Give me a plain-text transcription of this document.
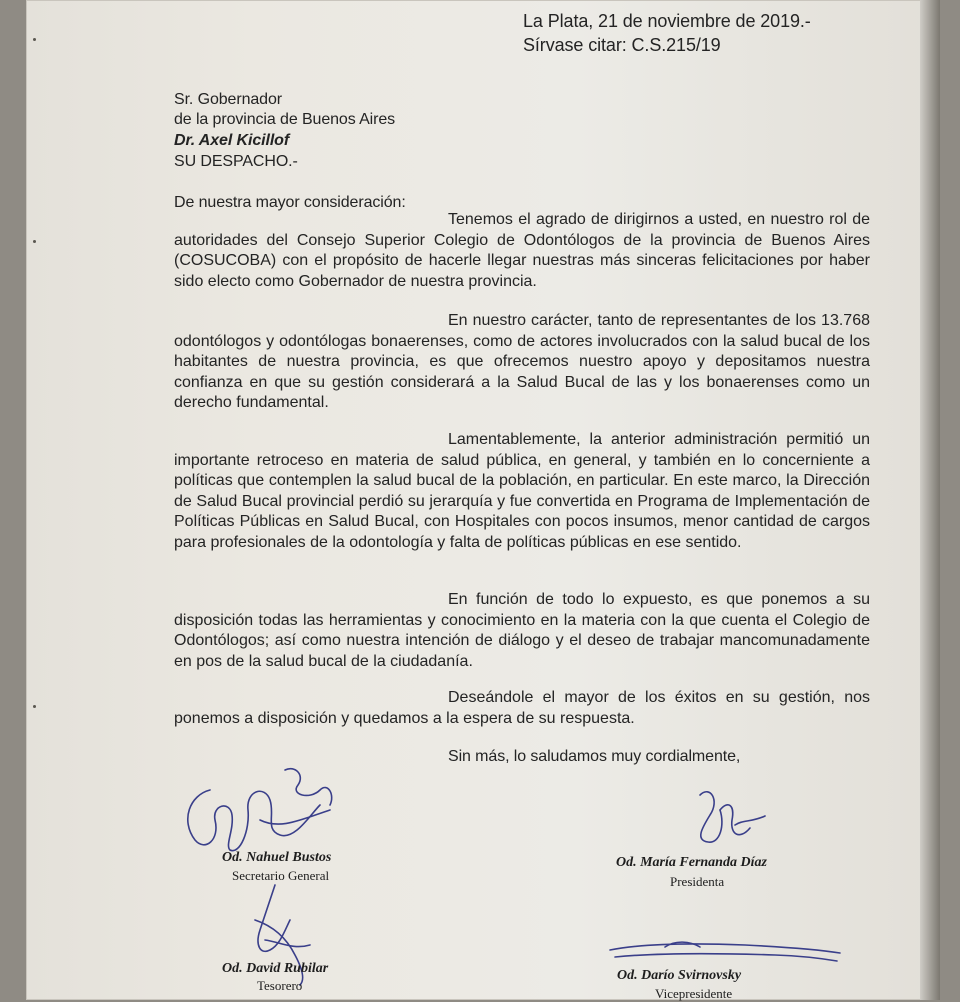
La Plata, 21 de noviembre de 2019.-
Sírvase citar: C.S.215/19
Sr. Gobernador
de la provincia de Buenos Aires
Dr. Axel Kicillof
SU DESPACHO.-
De nuestra mayor consideración:

Tenemos el agrado de dirigirnos a usted, en nuestro rol de autoridades del Consejo Superior Colegio de Odontólogos de la provincia de Buenos Aires (COSUCOBA) con el propósito de hacerle llegar nuestras más sinceras felicitaciones por haber sido electo como Gobernador de nuestra provincia.

En nuestro carácter, tanto de representantes de los 13.768 odontólogos y odontólogas bonaerenses, como de actores involucrados con la salud bucal de los habitantes de nuestra provincia, es que ofrecemos nuestro apoyo y depositamos nuestra confianza en que su gestión considerará a la Salud Bucal de las y los bonaerenses como un derecho fundamental.

Lamentablemente, la anterior administración permitió un importante retroceso en materia de salud pública, en general, y también en lo concerniente a políticas que contemplen la salud bucal de la población, en particular. En este marco, la Dirección de Salud Bucal provincial perdió su jerarquía y fue convertida en Programa de Implementación de Políticas Públicas en Salud Bucal, con Hospitales con pocos insumos, menor cantidad de cargos para profesionales de la odontología y falta de políticas públicas en ese sentido.

En función de todo lo expuesto, es que ponemos a su disposición todas las herramientas y conocimiento en la materia con la que cuenta el Colegio de Odontólogos; así como nuestra intención de diálogo y el deseo de trabajar mancomunadamente en pos de la salud bucal de la ciudadanía.

Deseándole el mayor de los éxitos en su gestión, nos ponemos a disposición y quedamos a la espera de su respuesta.

Sin más, lo saludamos muy cordialmente,
Od. Nahuel Bustos
Secretario General
Od. María Fernanda Díaz
Presidenta
Od. David Rubilar
Tesorero
Od. Darío Svirnovsky
Vicepresidente
